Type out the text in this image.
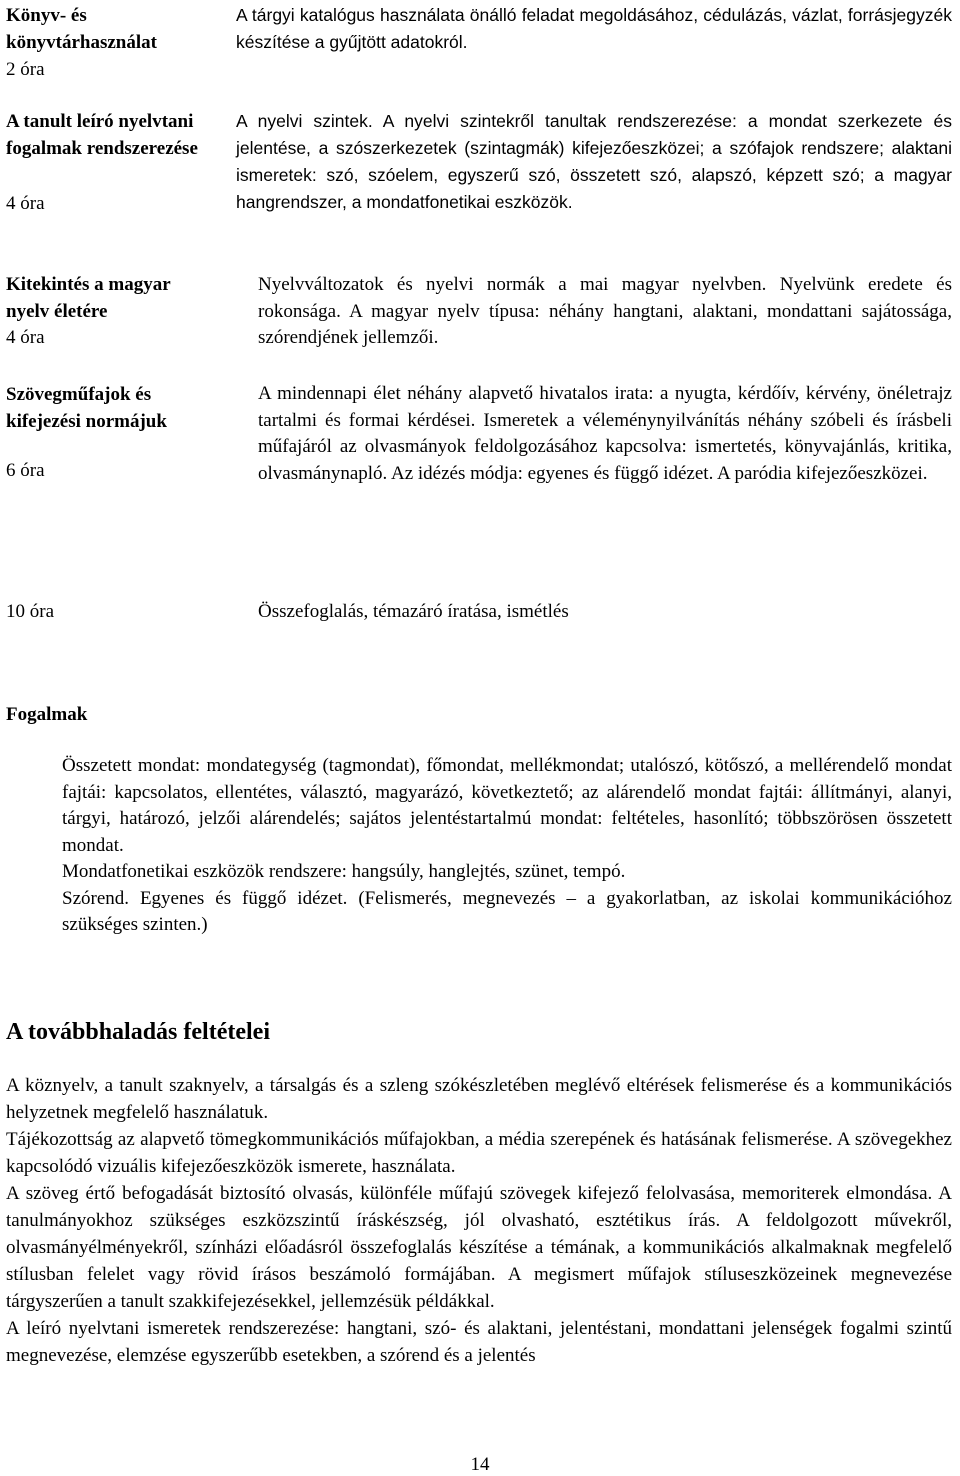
Könyv- és könyvtárhasználat
2 óra

A tárgyi katalógus használata önálló feladat megoldásához, cédulázás, vázlat, forrásjegyzék készítése a gyűjtött adatokról.

A tanult leíró nyelvtani fogalmak rendszerezése
4 óra

A nyelvi szintek. A nyelvi szintekről tanultak rendszerezése: a mondat szerkezete és jelentése, a szószerkezetek (szintagmák) kifejezőeszközei; a szófajok rendszere; alaktani ismeretek: szó, szóelem, egyszerű szó, összetett szó, alapszó, képzett szó; a magyar hangrendszer, a mondatfonetikai eszközök.

Kitekintés a magyar nyelv életére
4 óra

Nyelvváltozatok és nyelvi normák a mai magyar nyelvben. Nyelvünk eredete és rokonsága. A magyar nyelv típusa: néhány hangtani, alaktani, mondattani sajátossága, szórendjének jellemzői.

Szövegműfajok és kifejezési normájuk
6 óra

A mindennapi élet néhány alapvető hivatalos irata: a nyugta, kérdőív, kérvény, önéletrajz tartalmi és formai kérdései. Ismeretek a véleménynyilvánítás néhány szóbeli és írásbeli műfajáról az olvasmányok feldolgozásához kapcsolva: ismertetés, könyvajánlás, kritika, olvasmánynapló. Az idézés módja: egyenes és függő idézet. A paródia kifejezőeszközei.

10 óra	Összefoglalás, témazáró íratása, ismétlés
Fogalmak

Összetett mondat: mondategység (tagmondat), főmondat, mellékmondat; utalószó, kötőszó, a mellérendelő mondat fajtái: kapcsolatos, ellentétes, választó, magyarázó, következtető; az alárendelő mondat fajtái: állítmányi, alanyi, tárgyi, határozó, jelzői alárendelés; sajátos jelentéstartalmú mondat: feltételes, hasonlító; többszörösen összetett mondat.

Mondatfonetikai eszközök rendszere: hangsúly, hanglejtés, szünet, tempó.

Szórend. Egyenes és függő idézet. (Felismerés, megnevezés – a gyakorlatban, az iskolai kommunikációhoz szükséges szinten.)

A továbbhaladás feltételei

A köznyelv, a tanult szaknyelv, a társalgás és a szleng szókészletében meglévő eltérések felismerése és a kommunikációs helyzetnek megfelelő használatuk.

Tájékozottság az alapvető tömegkommunikációs műfajokban, a média szerepének és hatásának felismerése. A szövegekhez kapcsolódó vizuális kifejezőeszközök ismerete, használata.

A szöveg értő befogadását biztosító olvasás, különféle műfajú szövegek kifejező felolvasása, memoriterek elmondása. A tanulmányokhoz szükséges eszközszintű íráskészség, jól olvasható, esztétikus írás. A feldolgozott művekről, olvasmányélményekről, színházi előadásról összefoglalás készítése a témának, a kommunikációs alkalmaknak megfelelő stílusban felelet vagy rövid írásos beszámoló formájában. A megismert műfajok stíluseszközeinek megnevezése tárgyszerűen a tanult szakkifejezésekkel, jellemzésük példákkal.

A leíró nyelvtani ismeretek rendszerezése: hangtani, szó- és alaktani, jelentéstani, mondattani jelenségek fogalmi szintű megnevezése, elemzése egyszerűbb esetekben, a szórend és a jelentés

14
